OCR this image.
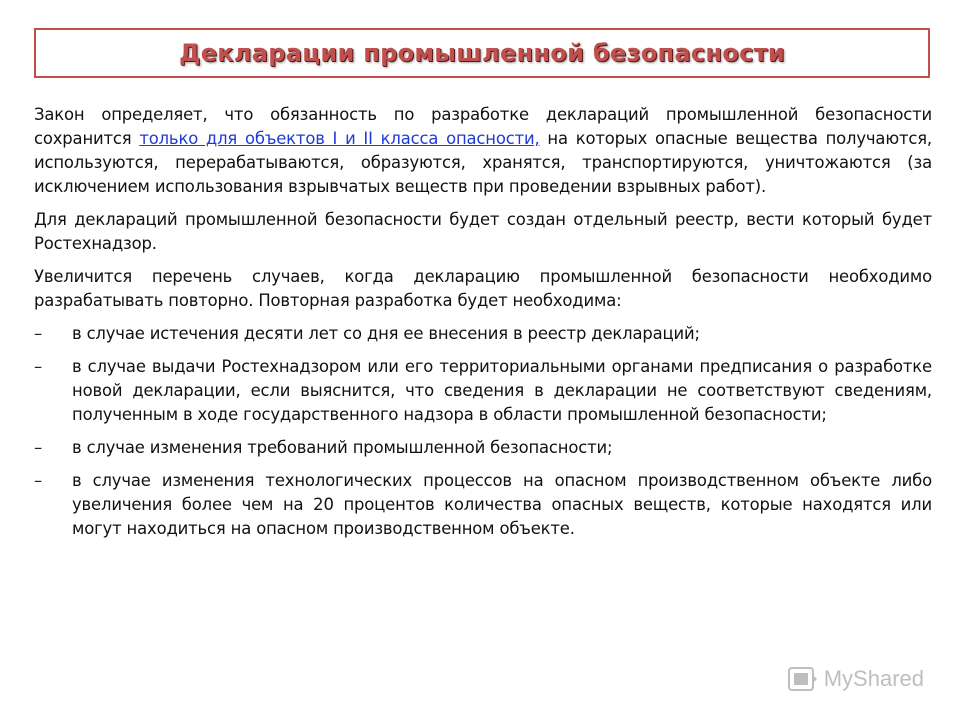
Декларации промышленной безопасности

Закон определяет, что обязанность по разработке деклараций промышленной безопасности сохранится только для объектов I и II класса опасности, на которых опасные вещества получаются, используются, перерабатываются, образуются, хранятся, транспортируются, уничтожаются (за исключением использования взрывчатых веществ при проведении взрывных работ).

Для деклараций промышленной безопасности будет создан отдельный реестр, вести который будет Ростехнадзор.

Увеличится перечень случаев, когда декларацию промышленной безопасности необходимо разрабатывать повторно. Повторная разработка будет необходима:

–	в случае истечения десяти лет со дня ее внесения в реестр деклараций;
–	в случае выдачи Ростехнадзором или его территориальными органами предписания о разработке новой декларации, если выяснится, что сведения в декларации не соответствуют сведениям, полученным в ходе государственного надзора в области промышленной безопасности;
–	в случае изменения требований промышленной безопасности;
–	в случае изменения технологических процессов на опасном производственном объекте либо увеличения более чем на 20 процентов количества опасных веществ, которые находятся или могут находиться на опасном производственном объекте.
MyShared
